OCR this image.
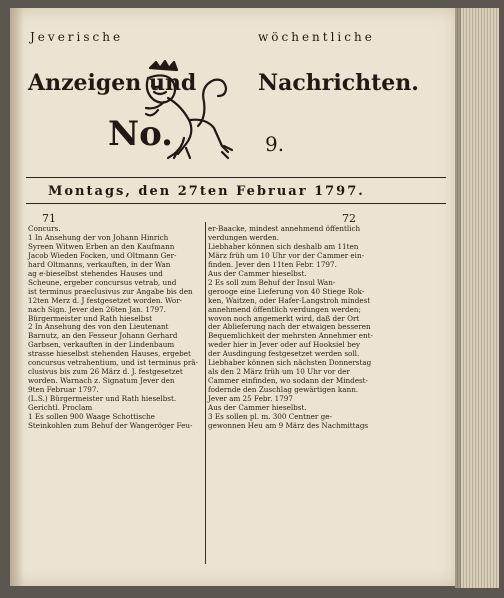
Jeverische	wöchentliche

Anzeigen und	Nachrichten.

No.	9.

Montags, den 27ten Februar 1797.

71	72

Concurs.
1 In Ansehung der von Johann Hinrich
Syreen Witwen Erben an den Kaufmann
Jacob Wieden Focken, und Oltmann Ger-
hard Oltmanns, verkauften, in der Wan
ag e-bieselbst stehendes Hauses und
Scheune, ergeber concursus vetrab, und
ist terminus praeclusivus zur Angabe bis den
12ten Merz d. J festgesetzet worden. Wor-
nach Sign. Jever den 26ten Jan. 1797.
Bürgermeister und Rath hieselbst
2 In Ansehung des von den Lieutenant
Barnutz, an den Fesseur Johann Gerhard
Garbsen, verkauften in der Lindenbaum
strasse hieselbst stehenden Hauses, ergebet
concursus vetrahentium, und ist terminus prä-
clusivus bis zum 26 März d. J. festgesetzet
worden. Warnach z. Signatum Jever den
9ten Februar 1797.
(L.S.) Bürgermeister und Rath hieselbst.
Gerichtl. Proclam
1 Es sollen 900 Waage Schottische
Steinkohlen zum Behuf der Wangeröger Feu-
er-Baacke, mindest annehmend öffentlich
verdungen werden.
Liebhaber können sich deshalb am 11ten
März früh um 10 Uhr vor der Cammer ein-
finden. Jever den 11ten Febr. 1797.
Aus der Cammer hieselbst.
2 Es soll zum Behuf der Insul Wan-
gerooge eine Lieferung von 40 Stiege Rok-
ken, Waitzen, oder Hafer-Langstroh mindest
annehmend öffentlich verdungen werden;
wovon noch angemerkt wird, daß der Ort
der Ablieferung nach der etwaigen besseren
Bequemlichkeit der mehrsten Annehmer ent-
weder hier in Jever oder auf Hooksiel bey
der Ausdingung festgesetzet werden soll.
Liebhaber können sich nächsten Donnerstag
als den 2 März früh um 10 Uhr vor der
Cammer einfinden, wo sodann der Mindest-
fodernde den Zuschlag gewärtigen kann.
Jever am 25 Febr. 1797
Aus der Cammer hieselbst.
3 Es sollen pl. m. 300 Centner ge-
gewonnen Heu am 9 März des Nachmittags
